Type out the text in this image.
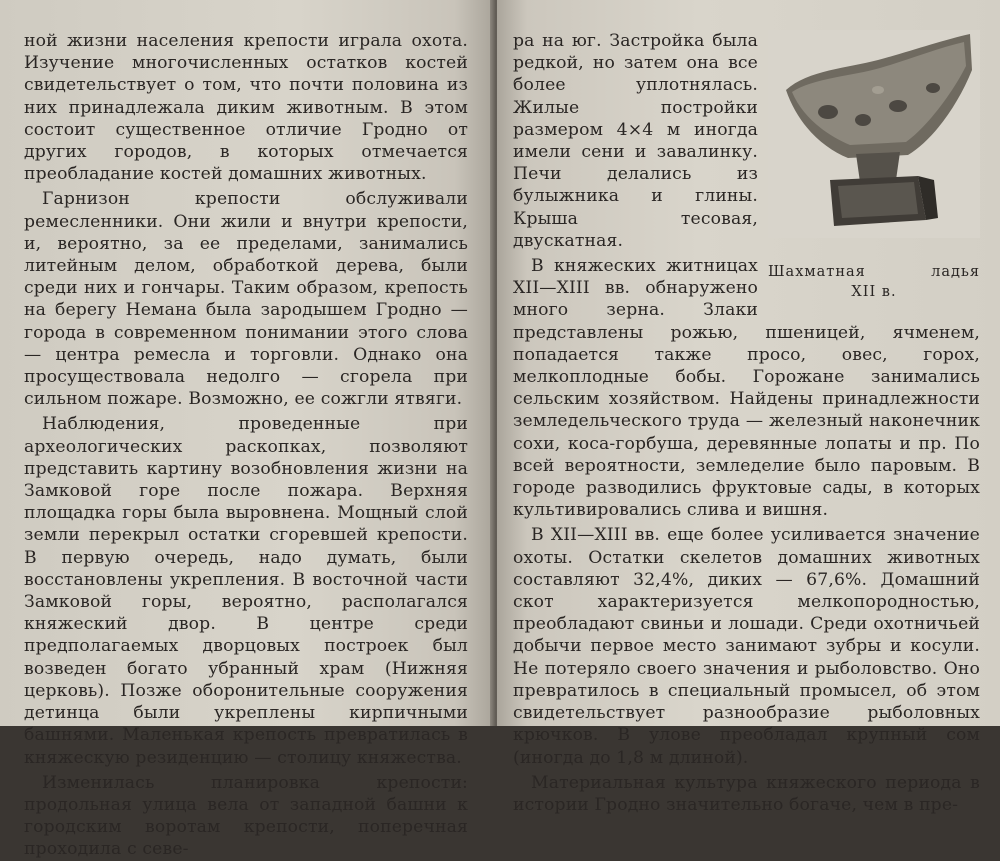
ной жизни населения крепости играла охота. Изучение многочисленных остатков костей свидетельствует о том, что почти половина из них принадлежала диким животным. В этом состоит существенное отличие Гродно от других городов, в которых отмечается преобладание костей домашних животных.

Гарнизон крепости обслуживали ремесленники. Они жили и внутри крепости, и, вероятно, за ее пределами, занимались литейным делом, обработкой дерева, были среди них и гончары. Таким образом, крепость на берегу Немана была зародышем Гродно — города в современном понимании этого слова — центра ремесла и торговли. Однако она просуществовала недолго — сгорела при сильном пожаре. Возможно, ее сожгли ятвяги.

Наблюдения, проведенные при археологических раскопках, позволяют представить картину возобновления жизни на Замковой горе после пожара. Верхняя площадка горы была выровнена. Мощный слой земли перекрыл остатки сгоревшей крепости. В первую очередь, надо думать, были восстановлены укрепления. В восточной части Замковой горы, вероятно, располагался княжеский двор. В центре среди предполагаемых дворцовых построек был возведен богато убранный храм (Нижняя церковь). Позже оборонительные сооружения детинца были укреплены кирпичными башнями. Маленькая крепость превратилась в княжескую резиденцию — столицу княжества.

Изменилась планировка крепости: продольная улица вела от западной башни к городским воротам крепости, поперечная проходила с севе-

Шахматная ладья
XII в.

ра на юг. Застройка была редкой, но затем она все более уплотнялась. Жилые постройки размером 4×4 м иногда имели сени и завалинку. Печи делались из булыжника и глины. Крыша тесовая, двускатная.

В княжеских житницах XII—XIII вв. обнаружено много зерна. Злаки представлены рожью, пшеницей, ячменем, попадается также просо, овес, горох, мелкоплодные бобы. Горожане занимались сельским хозяйством. Найдены принадлежности земледельческого труда — железный наконечник сохи, коса-горбуша, деревянные лопаты и пр. По всей вероятности, земледелие было паровым. В городе разводились фруктовые сады, в которых культивировались слива и вишня.

В XII—XIII вв. еще более усиливается значение охоты. Остатки скелетов домашних животных составляют 32,4%, диких — 67,6%. Домашний скот характеризуется мелкопородностью, преобладают свиньи и лошади. Среди охотничьей добычи первое место занимают зубры и косули. Не потеряло своего значения и рыболовство. Оно превратилось в специальный промысел, об этом свидетельствует разнообразие рыболовных крючков. В улове преобладал крупный сом (иногда до 1,8 м длиной).

Материальная культура княжеского периода в истории Гродно значительно богаче, чем в пре-
